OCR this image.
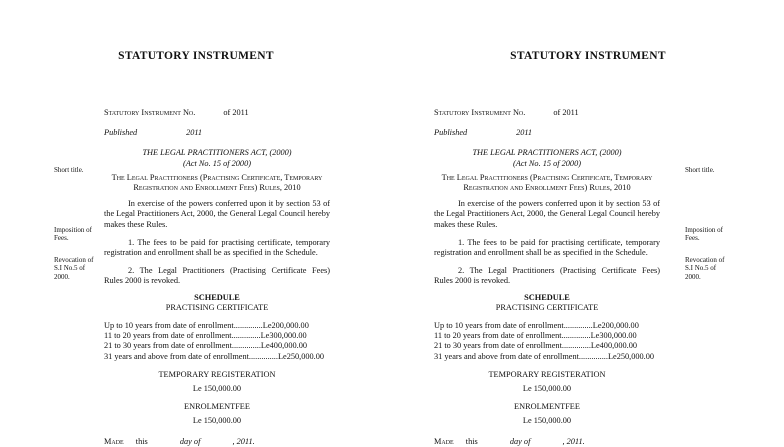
STATUTORY INSTRUMENT
Short title.
Imposition of Fees.
Revocation of S.I No.5 of 2000.
Statutory Instrument No.	of 2011
Published	2011
THE LEGAL PRACTITIONERS ACT, (2000)
(Act No. 15 of 2000)
The Legal Practitioners (Practising Certificate, Temporary
Registration and Enrollment Fees) Rules, 2010
In exercise of the powers conferred upon it by section 53 of the Legal Practitioners Act, 2000, the General Legal Council hereby makes these Rules.
1. The fees to be paid for practising certificate, temporary registration and enrollment shall be as specified in the Schedule.
2. The Legal Practitioners (Practising Certificate Fees) Rules 2000 is revoked.
SCHEDULE
PRACTISING CERTIFICATE
Up to 10 years from date of enrollment..............Le200,000.00
11 to 20 years from date of enrollment..............Le300,000.00
21 to 30 years from date of enrollment..............Le400,000.00
31 years and above from date of enrollment..............Le250,000.00
TEMPORARY REGISTERATION
Le 150,000.00
ENROLMENTFEE
Le 150,000.00
Made this	day of	, 2011.
STATUTORY INSTRUMENT
Short title.
Imposition of Fees.
Revocation of S.I No.5 of 2000.
Statutory Instrument No.	of 2011
Published	2011
THE LEGAL PRACTITIONERS ACT, (2000)
(Act No. 15 of 2000)
The Legal Practitioners (Practising Certificate, Temporary
Registration and Enrollment Fees) Rules, 2010
In exercise of the powers conferred upon it by section 53 of the Legal Practitioners Act, 2000, the General Legal Council hereby makes these Rules.
1. The fees to be paid for practising certificate, temporary registration and enrollment shall be as specified in the Schedule.
2. The Legal Practitioners (Practising Certificate Fees) Rules 2000 is revoked.
SCHEDULE
PRACTISING CERTIFICATE
Up to 10 years from date of enrollment..............Le200,000.00
11 to 20 years from date of enrollment..............Le300,000.00
21 to 30 years from date of enrollment..............Le400,000.00
31 years and above from date of enrollment..............Le250,000.00
TEMPORARY REGISTERATION
Le 150,000.00
ENROLMENTFEE
Le 150,000.00
Made this	day of	, 2011.
